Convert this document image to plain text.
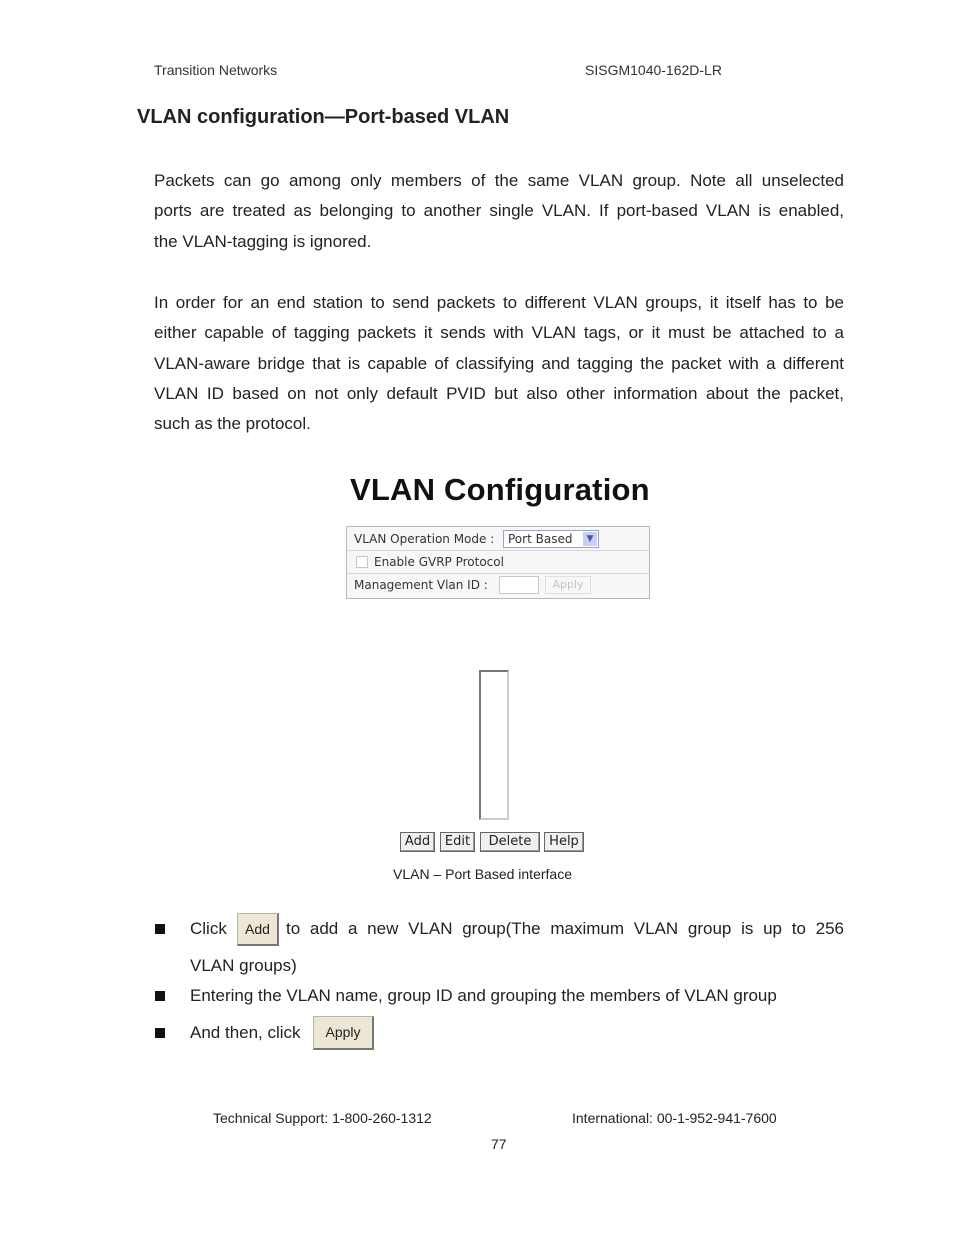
Transition Networks	SISGM1040-162D-LR
VLAN configuration—Port-based VLAN
Packets can go among only members of the same VLAN group. Note all unselected
ports are treated as belonging to another single VLAN. If port-based VLAN is enabled,
the VLAN-tagging is ignored.
In order for an end station to send packets to different VLAN groups, it itself has to be
either capable of tagging packets it sends with VLAN tags, or it must be attached to a
VLAN-aware bridge that is capable of classifying and tagging the packet with a different
VLAN ID based on not only default PVID but also other information about the packet,
such as the protocol.
VLAN Configuration
VLAN Operation Mode : Port Based	▼
Enable GVRP Protocol
Management Vlan ID :	Apply
Add	Edit	Delete	Help
VLAN – Port Based interface
Click	Add to add a new VLAN group(The maximum VLAN group is up to 256
VLAN groups)
Entering the VLAN name, group ID and grouping the members of VLAN group
And then, click	Apply
Technical Support: 1-800-260-1312	International: 00-1-952-941-7600
77
